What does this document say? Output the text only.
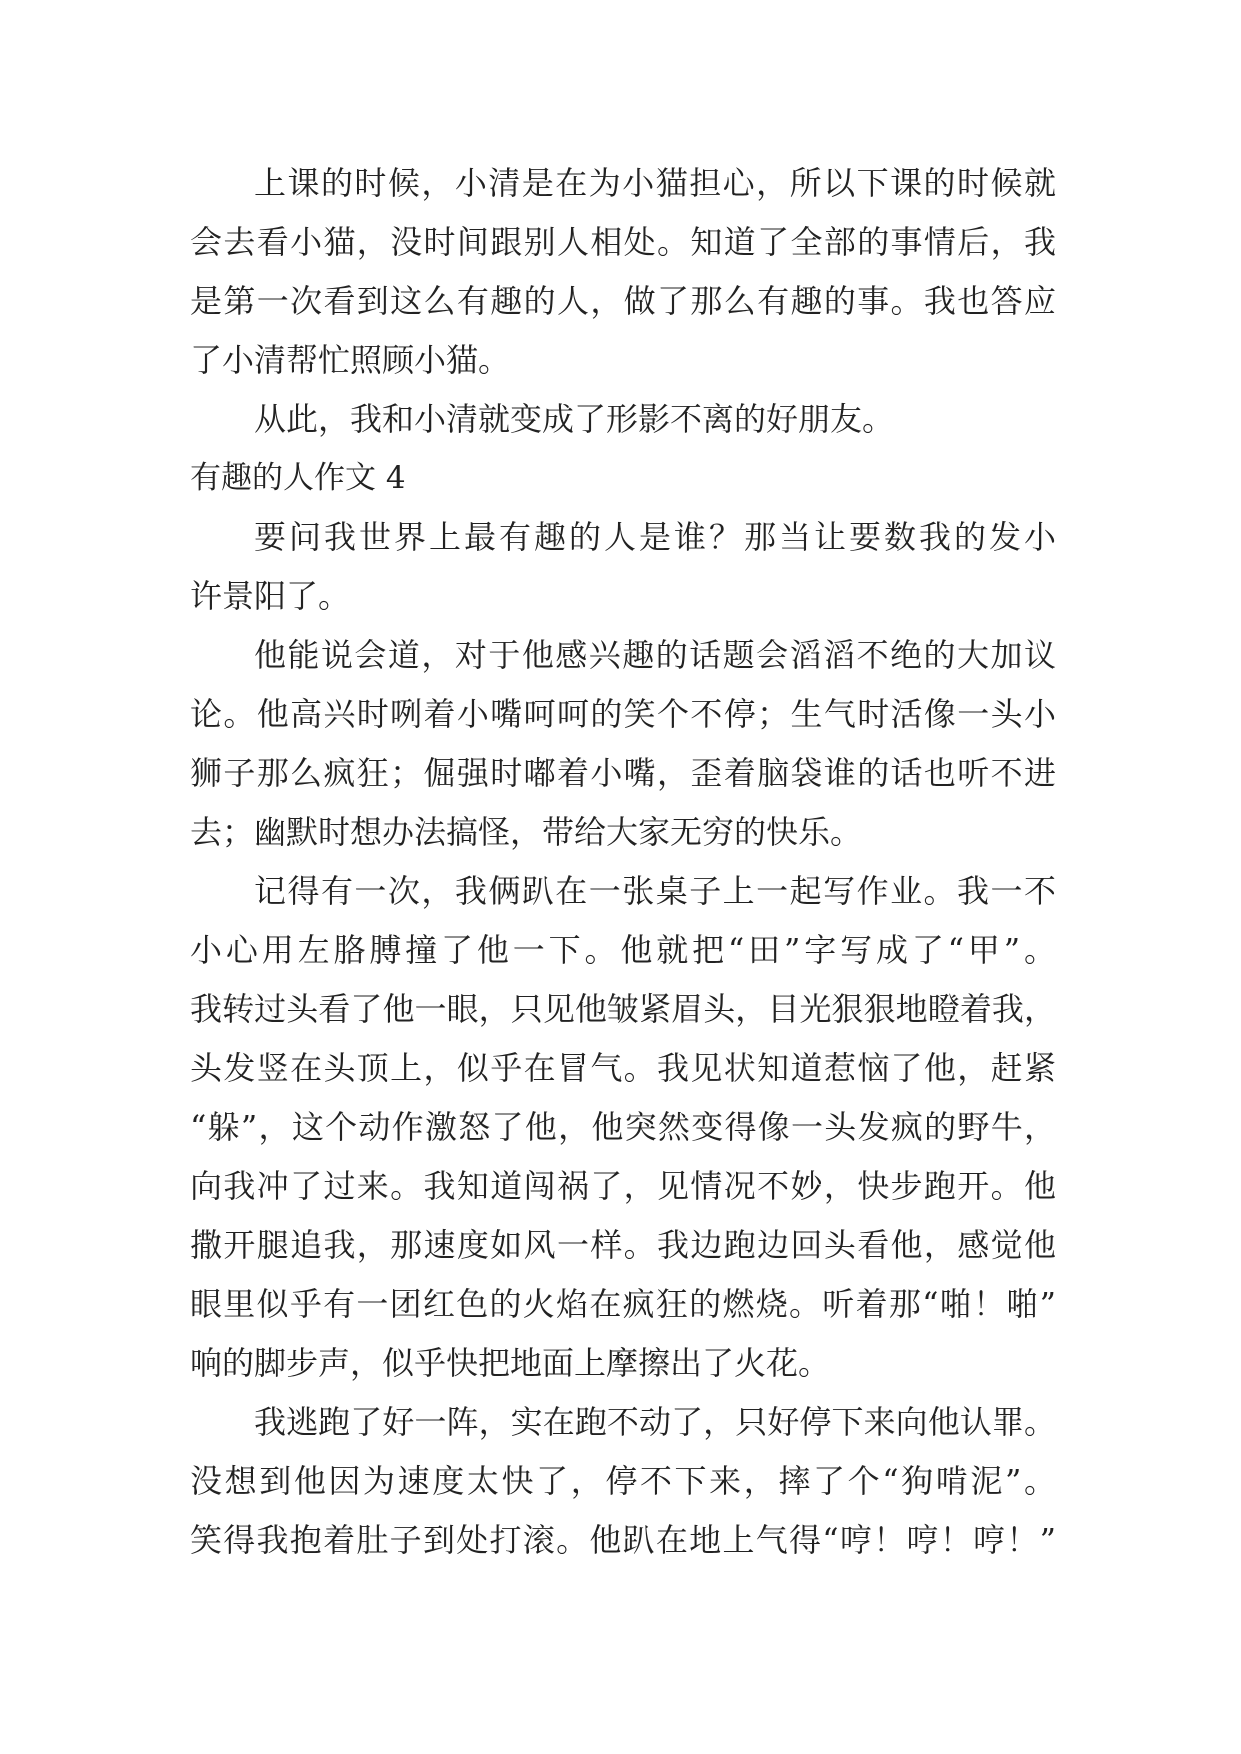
上课的时候，小清是在为小猫担心，所以下课的时候就
会去看小猫，没时间跟别人相处。知道了全部的事情后，我
是第一次看到这么有趣的人，做了那么有趣的事。我也答应
了小清帮忙照顾小猫。
从此，我和小清就变成了形影不离的好朋友。
有趣的人作文 4
要问我世界上最有趣的人是谁？那当让要数我的发小
许景阳了。
他能说会道，对于他感兴趣的话题会滔滔不绝的大加议
论。他高兴时咧着小嘴呵呵的笑个不停；生气时活像一头小
狮子那么疯狂；倔强时嘟着小嘴，歪着脑袋谁的话也听不进
去；幽默时想办法搞怪，带给大家无穷的快乐。
记得有一次，我俩趴在一张桌子上一起写作业。我一不
小心用左胳膊撞了他一下。他就把“田”字写成了“甲”。
我转过头看了他一眼，只见他皱紧眉头，目光狠狠地瞪着我，
头发竖在头顶上，似乎在冒气。我见状知道惹恼了他，赶紧
“躲”，这个动作激怒了他，他突然变得像一头发疯的野牛，
向我冲了过来。我知道闯祸了，见情况不妙，快步跑开。他
撒开腿追我，那速度如风一样。我边跑边回头看他，感觉他
眼里似乎有一团红色的火焰在疯狂的燃烧。听着那“啪！啪”
响的脚步声，似乎快把地面上摩擦出了火花。
我逃跑了好一阵，实在跑不动了，只好停下来向他认罪。
没想到他因为速度太快了，停不下来，摔了个“狗啃泥”。
笑得我抱着肚子到处打滚。他趴在地上气得“哼！哼！哼！”
